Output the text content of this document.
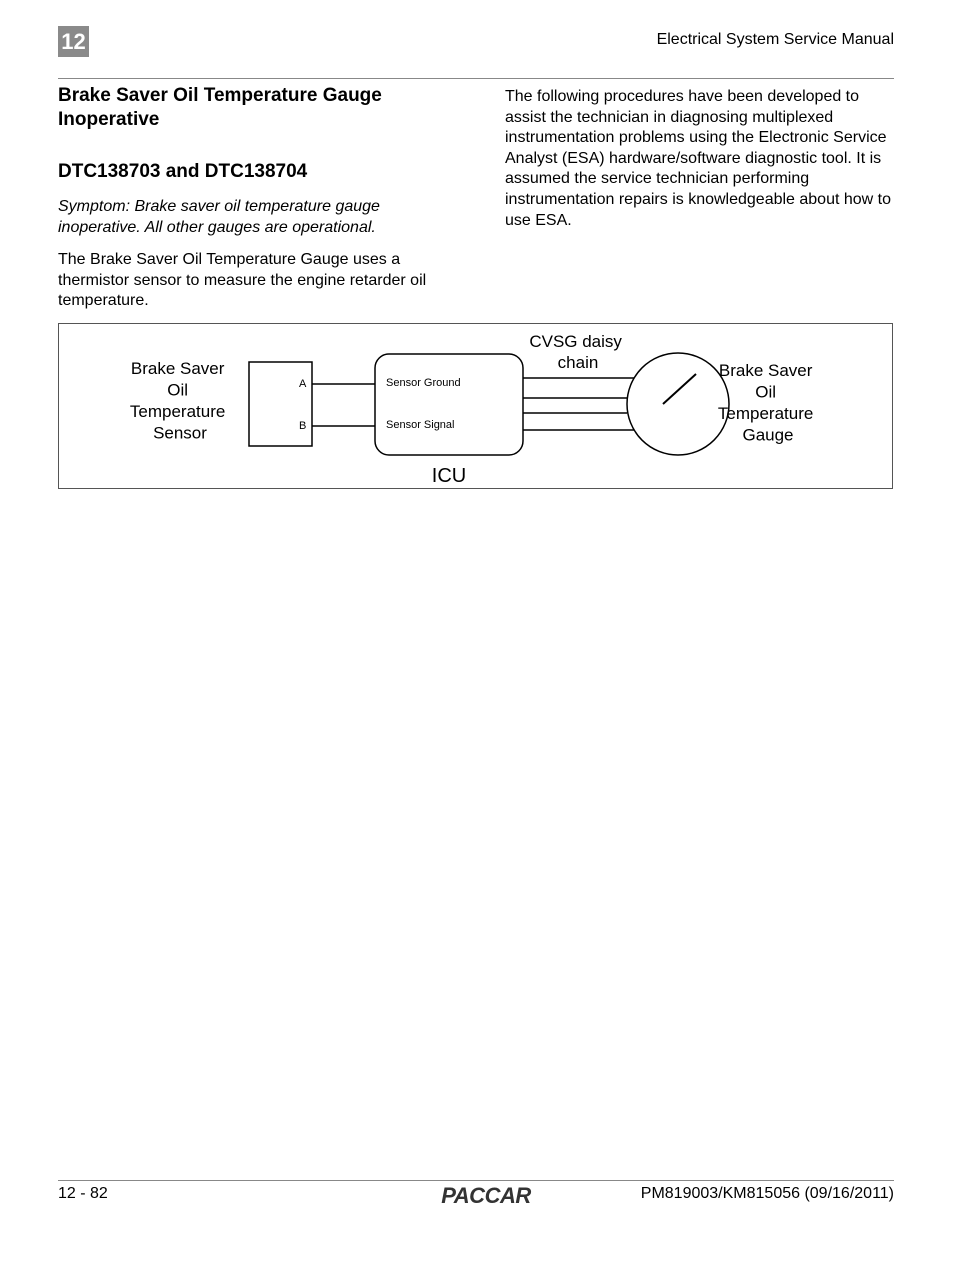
12	Electrical System Service Manual
Brake Saver Oil Temperature Gauge Inoperative
DTC138703 and DTC138704

Symptom: Brake saver oil temperature gauge inoperative. All other gauges are operational.

The Brake Saver Oil Temperature Gauge uses a thermistor sensor to measure the engine retarder oil temperature.

The following procedures have been developed to assist the technician in diagnosing multiplexed instrumentation problems using the Electronic Service Analyst (ESA) hardware/software diagnostic tool. It is assumed the service technician performing instrumentation repairs is knowledgeable about how to use ESA.

Brake Saver Oil Temperature Sensor
A
B
Sensor Ground
Sensor Signal
ICU
CVSG daisy chain	Brake Saver Oil Temperature Gauge
12 - 82	PACCAR	PM819003/KM815056 (09/16/2011)
